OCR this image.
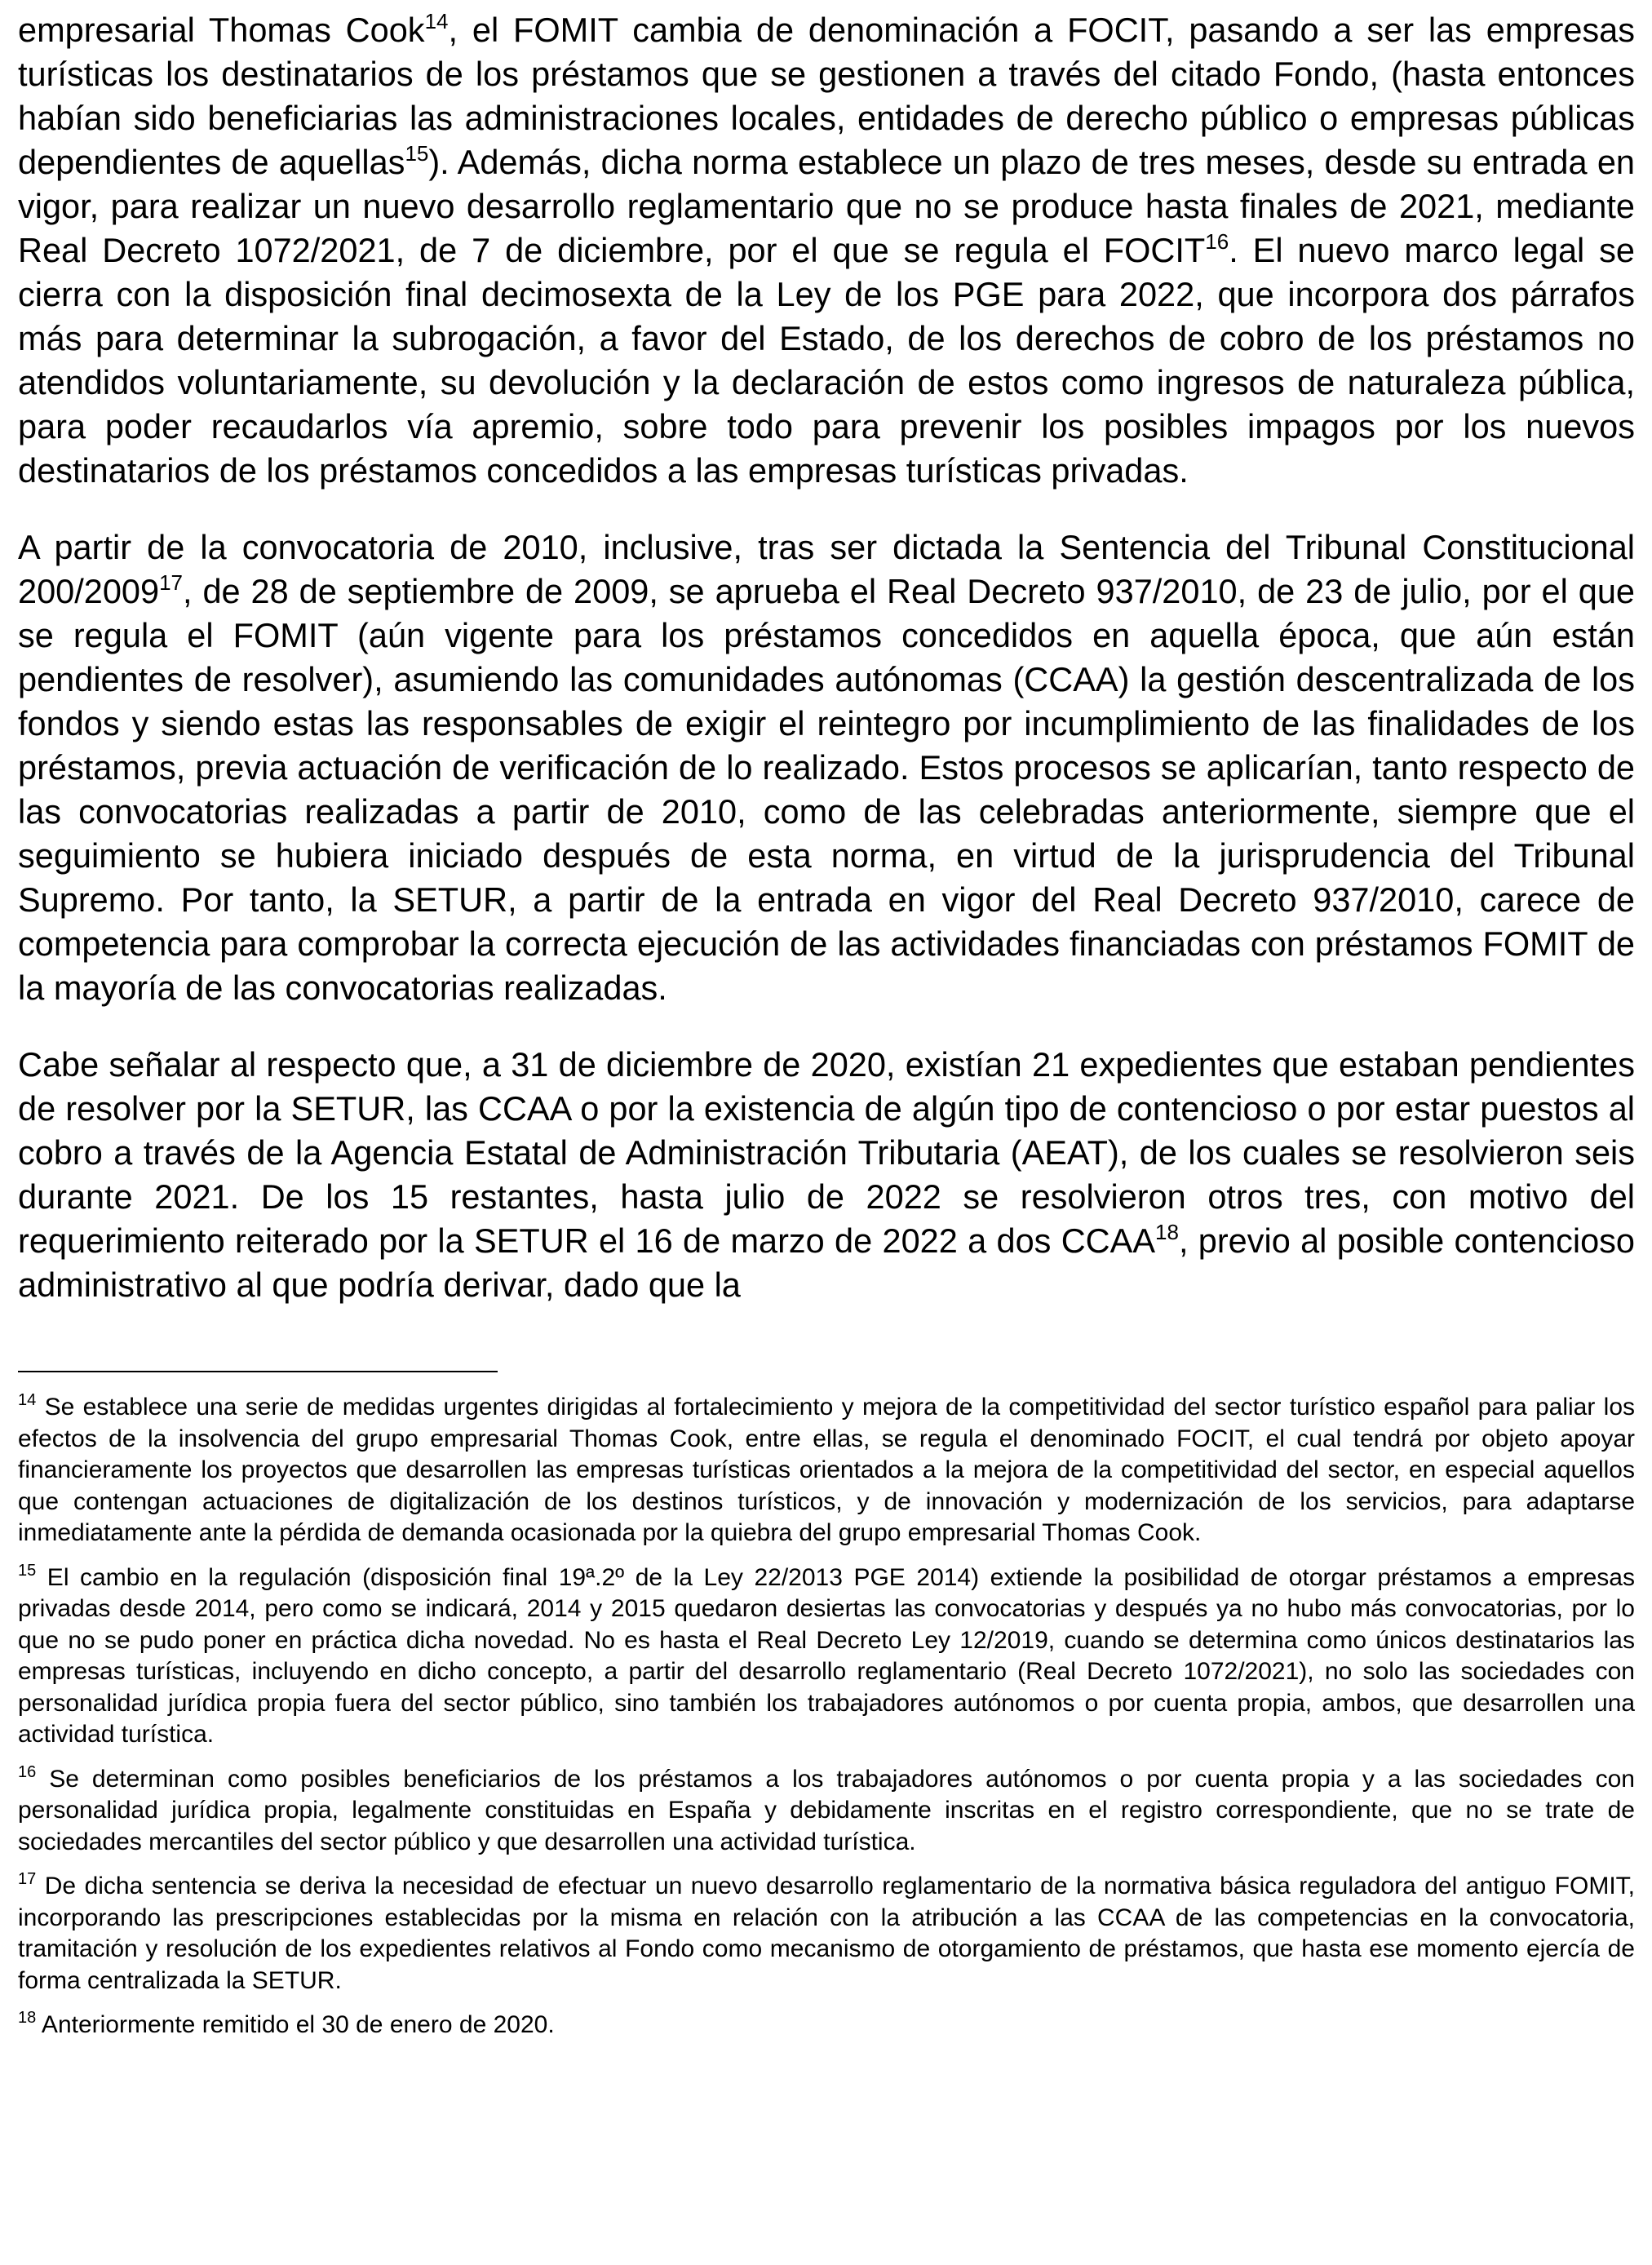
empresarial Thomas Cook$^{14}$, el FOMIT cambia de denominación a FOCIT, pasando a ser las empresas turísticas los destinatarios de los préstamos que se gestionen a través del citado Fondo, (hasta entonces habían sido beneficiarias las administraciones locales, entidades de derecho público o empresas públicas dependientes de aquellas$^{15}$). Además, dicha norma establece un plazo de tres meses, desde su entrada en vigor, para realizar un nuevo desarrollo reglamentario que no se produce hasta finales de 2021, mediante Real Decreto 1072/2021, de 7 de diciembre, por el que se regula el FOCIT$^{16}$. El nuevo marco legal se cierra con la disposición final decimosexta de la Ley de los PGE para 2022, que incorpora dos párrafos más para determinar la subrogación, a favor del Estado, de los derechos de cobro de los préstamos no atendidos voluntariamente, su devolución y la declaración de estos como ingresos de naturaleza pública, para poder recaudarlos vía apremio, sobre todo para prevenir los posibles impagos por los nuevos destinatarios de los préstamos concedidos a las empresas turísticas privadas.

A partir de la convocatoria de 2010, inclusive, tras ser dictada la Sentencia del Tribunal Constitucional 200/2009$^{17}$, de 28 de septiembre de 2009, se aprueba el Real Decreto 937/2010, de 23 de julio, por el que se regula el FOMIT (aún vigente para los préstamos concedidos en aquella época, que aún están pendientes de resolver), asumiendo las comunidades autónomas (CCAA) la gestión descentralizada de los fondos y siendo estas las responsables de exigir el reintegro por incumplimiento de las finalidades de los préstamos, previa actuación de verificación de lo realizado. Estos procesos se aplicarían, tanto respecto de las convocatorias realizadas a partir de 2010, como de las celebradas anteriormente, siempre que el seguimiento se hubiera iniciado después de esta norma, en virtud de la jurisprudencia del Tribunal Supremo. Por tanto, la SETUR, a partir de la entrada en vigor del Real Decreto 937/2010, carece de competencia para comprobar la correcta ejecución de las actividades financiadas con préstamos FOMIT de la mayoría de las convocatorias realizadas.

Cabe señalar al respecto que, a 31 de diciembre de 2020, existían 21 expedientes que estaban pendientes de resolver por la SETUR, las CCAA o por la existencia de algún tipo de contencioso o por estar puestos al cobro a través de la Agencia Estatal de Administración Tributaria (AEAT), de los cuales se resolvieron seis durante 2021. De los 15 restantes, hasta julio de 2022 se resolvieron otros tres, con motivo del requerimiento reiterado por la SETUR el 16 de marzo de 2022 a dos CCAA$^{18}$, previo al posible contencioso administrativo al que podría derivar, dado que la

$^{14}$ Se establece una serie de medidas urgentes dirigidas al fortalecimiento y mejora de la competitividad del sector turístico español para paliar los efectos de la insolvencia del grupo empresarial Thomas Cook, entre ellas, se regula el denominado FOCIT, el cual tendrá por objeto apoyar financieramente los proyectos que desarrollen las empresas turísticas orientados a la mejora de la competitividad del sector, en especial aquellos que contengan actuaciones de digitalización de los destinos turísticos, y de innovación y modernización de los servicios, para adaptarse inmediatamente ante la pérdida de demanda ocasionada por la quiebra del grupo empresarial Thomas Cook.

$^{15}$ El cambio en la regulación (disposición final 19ª.2º de la Ley 22/2013 PGE 2014) extiende la posibilidad de otorgar préstamos a empresas privadas desde 2014, pero como se indicará, 2014 y 2015 quedaron desiertas las convocatorias y después ya no hubo más convocatorias, por lo que no se pudo poner en práctica dicha novedad. No es hasta el Real Decreto Ley 12/2019, cuando se determina como únicos destinatarios las empresas turísticas, incluyendo en dicho concepto, a partir del desarrollo reglamentario (Real Decreto 1072/2021), no solo las sociedades con personalidad jurídica propia fuera del sector público, sino también los trabajadores autónomos o por cuenta propia, ambos, que desarrollen una actividad turística.

$^{16}$ Se determinan como posibles beneficiarios de los préstamos a los trabajadores autónomos o por cuenta propia y a las sociedades con personalidad jurídica propia, legalmente constituidas en España y debidamente inscritas en el registro correspondiente, que no se trate de sociedades mercantiles del sector público y que desarrollen una actividad turística.

$^{17}$ De dicha sentencia se deriva la necesidad de efectuar un nuevo desarrollo reglamentario de la normativa básica reguladora del antiguo FOMIT, incorporando las prescripciones establecidas por la misma en relación con la atribución a las CCAA de las competencias en la convocatoria, tramitación y resolución de los expedientes relativos al Fondo como mecanismo de otorgamiento de préstamos, que hasta ese momento ejercía de forma centralizada la SETUR.

$^{18}$ Anteriormente remitido el 30 de enero de 2020.
